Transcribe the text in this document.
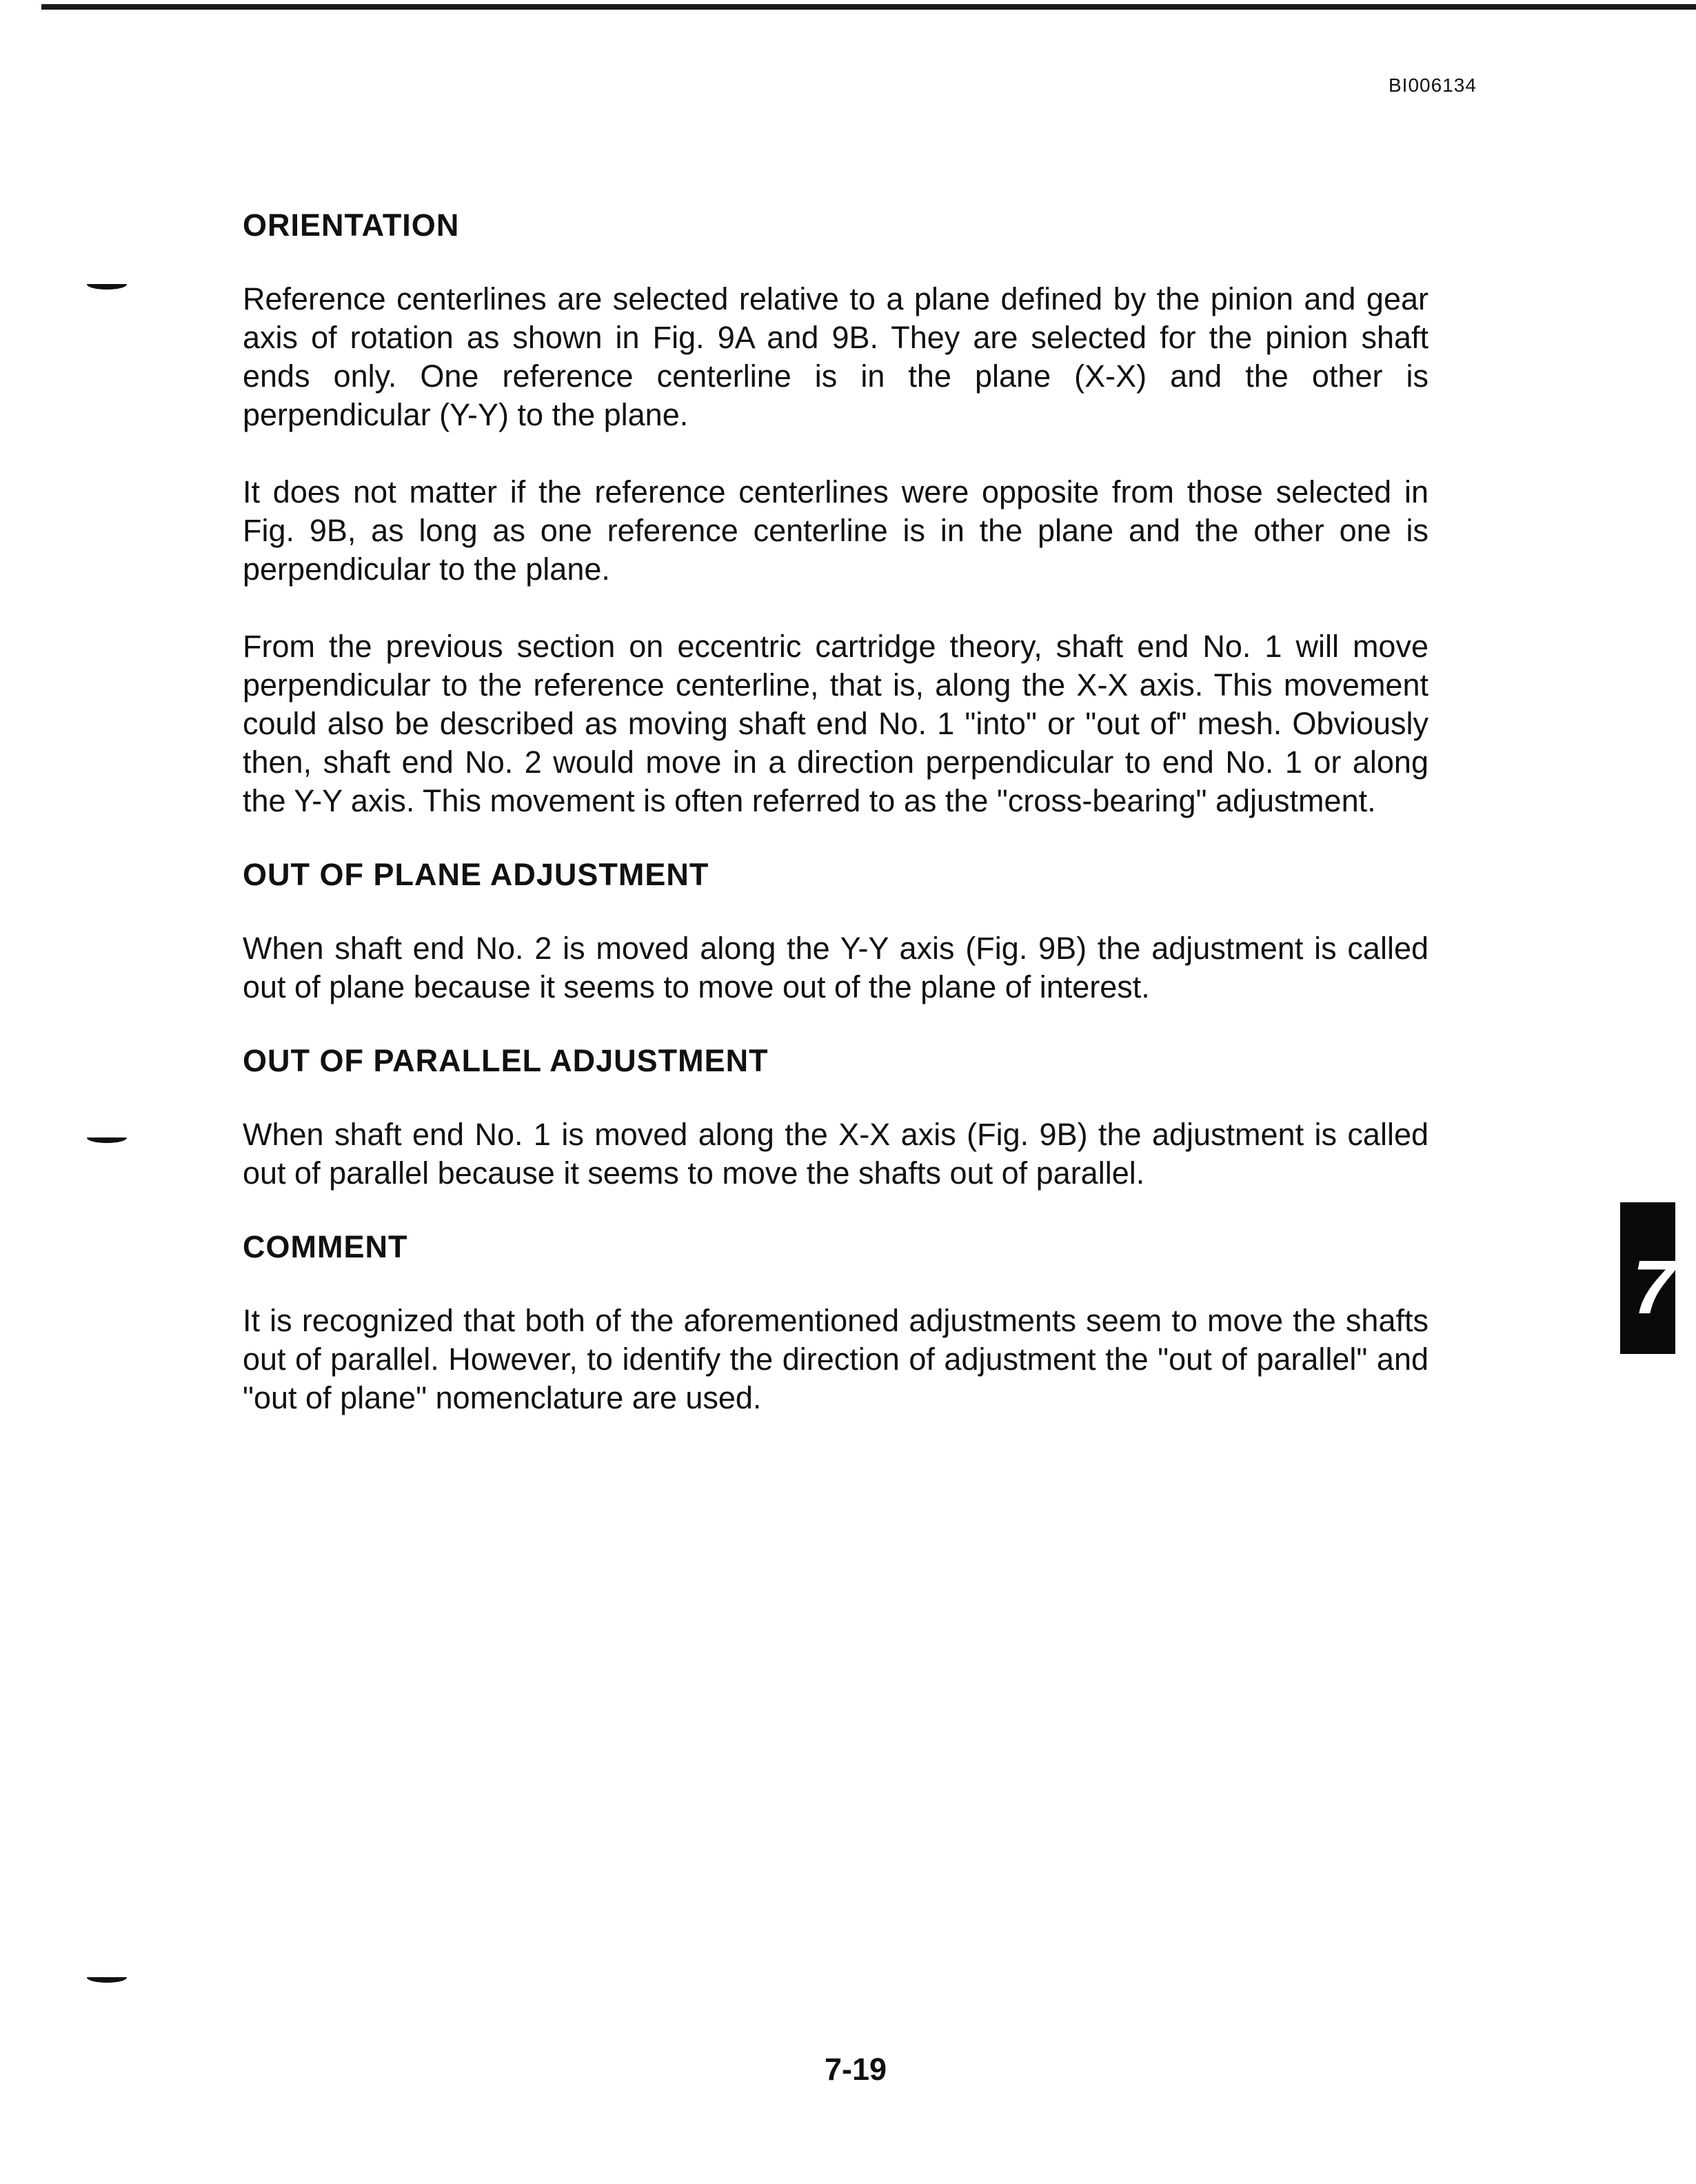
BI006134
ORIENTATION

Reference centerlines are selected relative to a plane defined by the pinion and gear axis of rotation as shown in Fig. 9A and 9B. They are selected for the pinion shaft ends only. One reference centerline is in the plane (X-X) and the other is perpendicular (Y-Y) to the plane.

It does not matter if the reference centerlines were opposite from those selected in Fig. 9B, as long as one reference centerline is in the plane and the other one is perpendicular to the plane.

From the previous section on eccentric cartridge theory, shaft end No. 1 will move perpendicular to the reference centerline, that is, along the X-X axis. This movement could also be described as moving shaft end No. 1 "into" or "out of" mesh. Obviously then, shaft end No. 2 would move in a direction perpendicular to end No. 1 or along the Y-Y axis. This movement is often referred to as the "cross-bearing" adjustment.

OUT OF PLANE ADJUSTMENT

When shaft end No. 2 is moved along the Y-Y axis (Fig. 9B) the adjustment is called out of plane because it seems to move out of the plane of interest.

OUT OF PARALLEL ADJUSTMENT

When shaft end No. 1 is moved along the X-X axis (Fig. 9B) the adjustment is called out of parallel because it seems to move the shafts out of parallel.

COMMENT

It is recognized that both of the aforementioned adjustments seem to move the shafts out of parallel. However, to identify the direction of adjustment the "out of parallel" and "out of plane" nomenclature are used.

7
7-19
